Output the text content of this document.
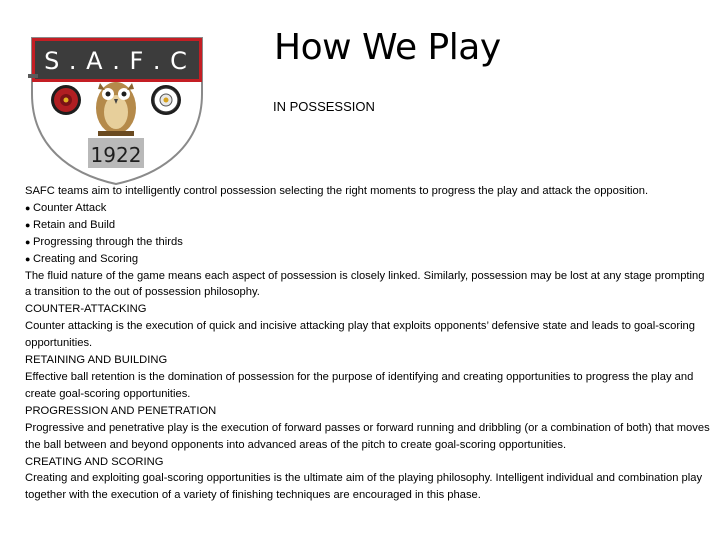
S . A . F . C
1922
How We Play
IN POSSESSION

SAFC teams aim to intelligently control possession selecting the right moments to progress the play and attack the opposition.

● Counter Attack

● Retain and Build

● Progressing through the thirds

● Creating and Scoring

The fluid nature of the game means each aspect of possession is closely linked. Similarly, possession may be lost at any stage prompting a transition to the out of possession philosophy.

COUNTER-ATTACKING

Counter attacking is the execution of quick and incisive attacking play that exploits opponents’ defensive state and leads to goal-scoring opportunities.

RETAINING AND BUILDING

Effective ball retention is the domination of possession for the purpose of identifying and creating opportunities to progress the play and create goal-scoring opportunities.

PROGRESSION AND PENETRATION

Progressive and penetrative play is the execution of forward passes or forward running and dribbling (or a combination of both) that moves the ball between and beyond opponents into advanced areas of the pitch to create goal-scoring opportunities.

CREATING AND SCORING

Creating and exploiting goal-scoring opportunities is the ultimate aim of the playing philosophy. Intelligent individual and combination play together with the execution of a variety of finishing techniques are encouraged in this phase.
